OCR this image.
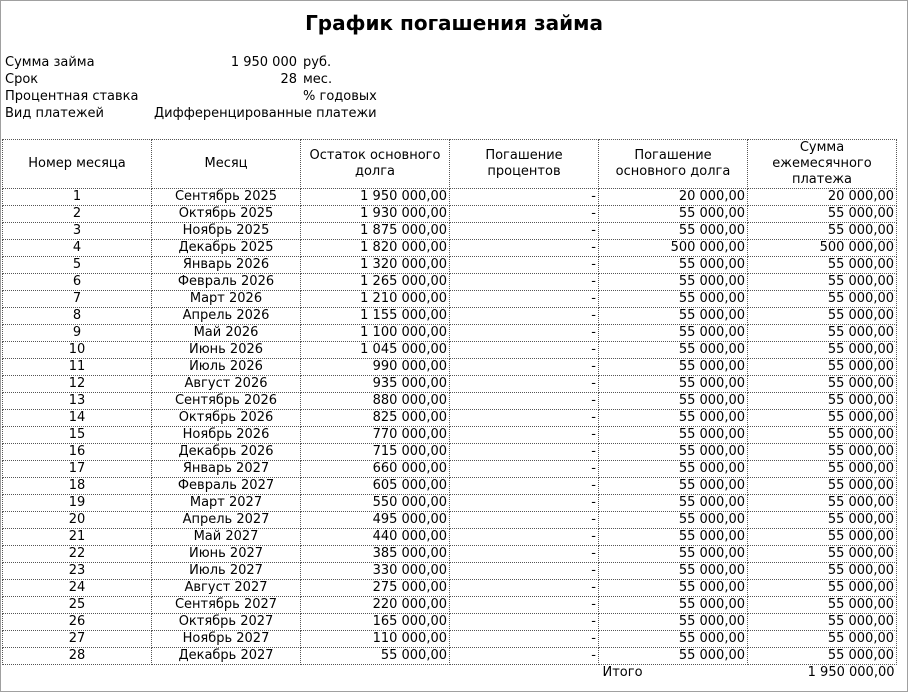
График погашения займа
Сумма займа	1 950 000 руб.
Срок	28 мес.
Процентная ставка	% годовых
Вид платежей	Дифференцированные платежи
Номер месяца	Месяц	Остаток основного долга	Погашение процентов	Погашение основного долга	Сумма ежемесячного платежа
1	Сентябрь 2025	1 950 000,00	-	20 000,00	20 000,00
2	Октябрь 2025	1 930 000,00	-	55 000,00	55 000,00
3	Ноябрь 2025	1 875 000,00	-	55 000,00	55 000,00
4	Декабрь 2025	1 820 000,00	-	500 000,00	500 000,00
5	Январь 2026	1 320 000,00	-	55 000,00	55 000,00
6	Февраль 2026	1 265 000,00	-	55 000,00	55 000,00
7	Март 2026	1 210 000,00	-	55 000,00	55 000,00
8	Апрель 2026	1 155 000,00	-	55 000,00	55 000,00
9	Май 2026	1 100 000,00	-	55 000,00	55 000,00
10	Июнь 2026	1 045 000,00	-	55 000,00	55 000,00
11	Июль 2026	990 000,00	-	55 000,00	55 000,00
12	Август 2026	935 000,00	-	55 000,00	55 000,00
13	Сентябрь 2026	880 000,00	-	55 000,00	55 000,00
14	Октябрь 2026	825 000,00	-	55 000,00	55 000,00
15	Ноябрь 2026	770 000,00	-	55 000,00	55 000,00
16	Декабрь 2026	715 000,00	-	55 000,00	55 000,00
17	Январь 2027	660 000,00	-	55 000,00	55 000,00
18	Февраль 2027	605 000,00	-	55 000,00	55 000,00
19	Март 2027	550 000,00	-	55 000,00	55 000,00
20	Апрель 2027	495 000,00	-	55 000,00	55 000,00
21	Май 2027	440 000,00	-	55 000,00	55 000,00
22	Июнь 2027	385 000,00	-	55 000,00	55 000,00
23	Июль 2027	330 000,00	-	55 000,00	55 000,00
24	Август 2027	275 000,00	-	55 000,00	55 000,00
25	Сентябрь 2027	220 000,00	-	55 000,00	55 000,00
26	Октябрь 2027	165 000,00	-	55 000,00	55 000,00
27	Ноябрь 2027	110 000,00	-	55 000,00	55 000,00
28	Декабрь 2027	55 000,00	-	55 000,00	55 000,00
				Итого	1 950 000,00
